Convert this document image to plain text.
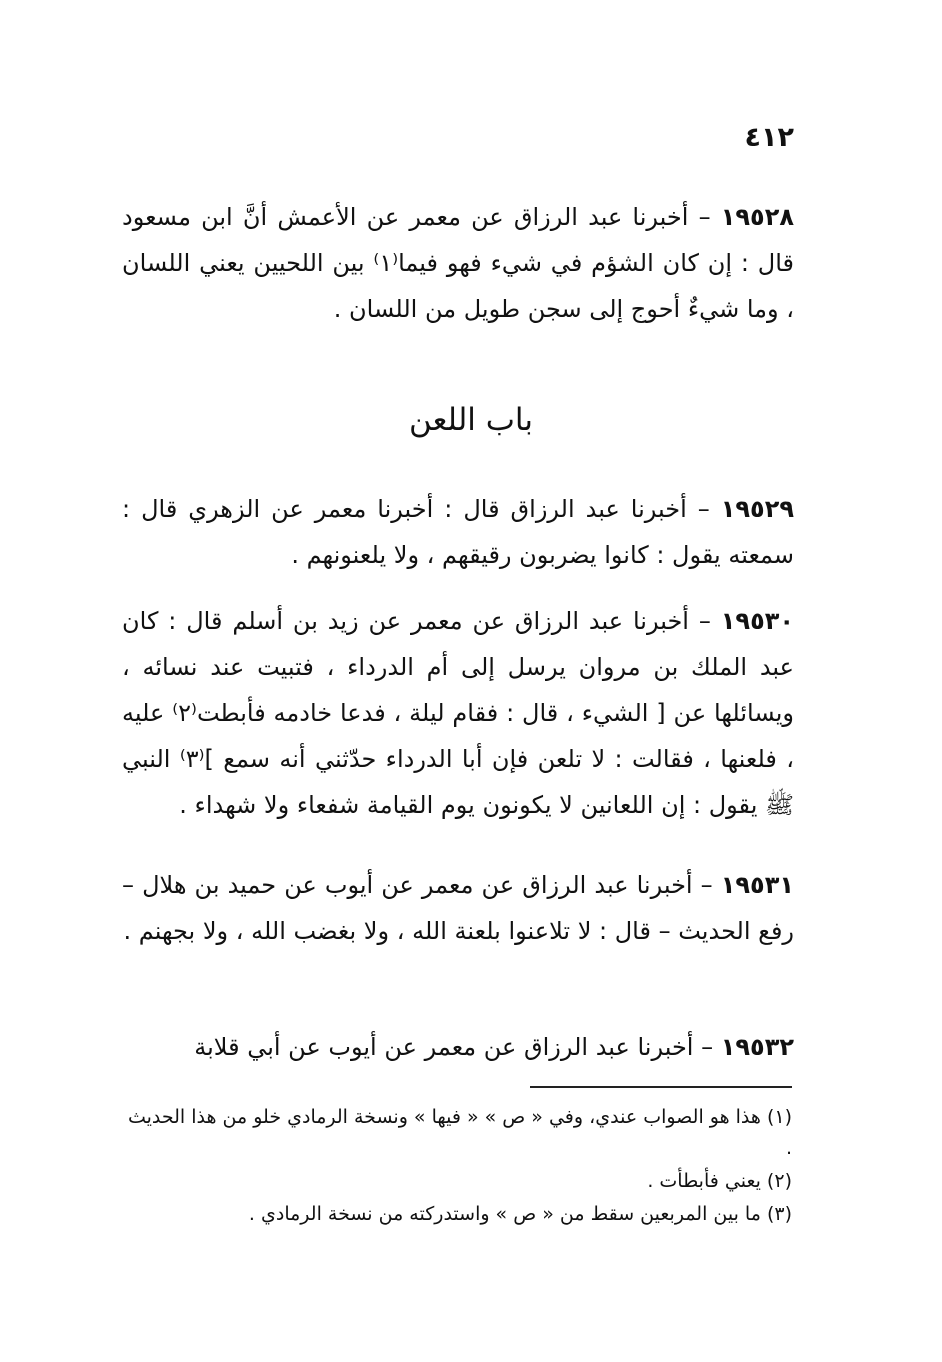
٤١٢

١٩٥٢٨ – أخبرنا عبد الرزاق عن معمر عن الأعمش أنَّ ابن مسعود قال : إن كان الشؤم في شيء فهو فيما⁽١⁾ بين اللحيين يعني اللسان ، وما شيءٌ أحوج إلى سجن طويل من اللسان .

باب اللعن

١٩٥٢٩ – أخبرنا عبد الرزاق قال : أخبرنا معمر عن الزهري قال : سمعته يقول : كانوا يضربون رقيقهم ، ولا يلعنونهم .

١٩٥٣٠ – أخبرنا عبد الرزاق عن معمر عن زيد بن أسلم قال : كان عبد الملك بن مروان يرسل إلى أم الدرداء ، فتبيت عند نسائه ، ويسائلها عن [ الشيء ، قال : فقام ليلة ، فدعا خادمه فأبطت⁽٢⁾ عليه ، فلعنها ، فقالت : لا تلعن فإن أبا الدرداء حدّثني أنه سمع ]⁽٣⁾ النبي ﷺ يقول : إن اللعانين لا يكونون يوم القيامة شفعاء ولا شهداء .

١٩٥٣١ – أخبرنا عبد الرزاق عن معمر عن أيوب عن حميد بن هلال – رفع الحديث – قال : لا تلاعنوا بلعنة الله ، ولا بغضب الله ، ولا بجهنم .

١٩٥٣٢ – أخبرنا عبد الرزاق عن معمر عن أيوب عن أبي قلابة

(١) هذا هو الصواب عندي، وفي « ص » « فيها » ونسخة الرمادي خلو من هذا الحديث .

(٢) يعني فأبطأت .

(٣) ما بين المربعين سقط من « ص » واستدركته من نسخة الرمادي .
